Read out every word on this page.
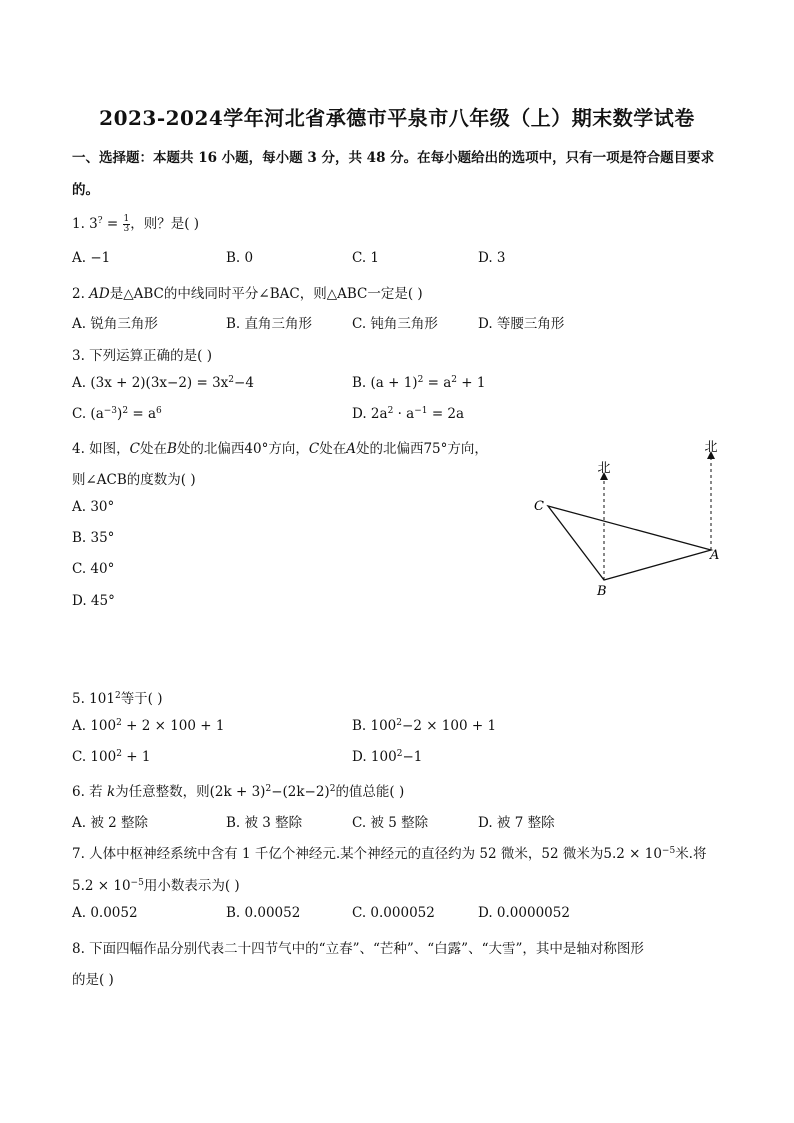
2023-2024学年河北省承德市平泉市八年级（上）期末数学试卷
一、选择题：本题共 16 小题，每小题 3 分，共 48 分。在每小题给出的选项中，只有一项是符合题目要求
的。
1. $3^? = \frac{1}{3}$ ，则？是( )
A. −1	B. 0	C. 1	D. 3
2. AD是△ABC的中线同时平分∠BAC，则△ABC一定是( )
A. 锐角三角形	B. 直角三角形	C. 钝角三角形	D. 等腰三角形
3. 下列运算正确的是( )
A. $(3x + 2)(3x-2) = 3x^2-4$	B. $(a + 1)^2 = a^2 + 1$
C. $(a^{-3})^2 = a^6$	D. $2a^2 \cdot a^{-1} = 2a$
4. 如图，C处在B处的北偏西40°方向，C处在A处的北偏西75°方向，
则∠ACB的度数为( )
A. 30°
B. 35°
C. 40°
D. 45°
北
北
C
B
A
5. $101^2$等于( )
A. $100^2 + 2 \times 100 + 1$	B. $100^2-2 \times 100 + 1$
C. $100^2 + 1$	D. $100^2-1$
6. 若 k为任意整数，则$(2k + 3)^2-(2k-2)^2$的值总能( )
A. 被 2 整除	B. 被 3 整除	C. 被 5 整除	D. 被 7 整除
7. 人体中枢神经系统中含有 1 千亿个神经元.某个神经元的直径约为 52 微米，52 微米为$5.2 \times 10^{-5}$米.将
$5.2 \times 10^{-5}$用小数表示为( )
A. 0.0052	B. 0.00052	C. 0.000052	D. 0.0000052
8. 下面四幅作品分别代表二十四节气中的“立春”、“芒种”、“白露”、“大雪”，其中是轴对称图形
的是( )
